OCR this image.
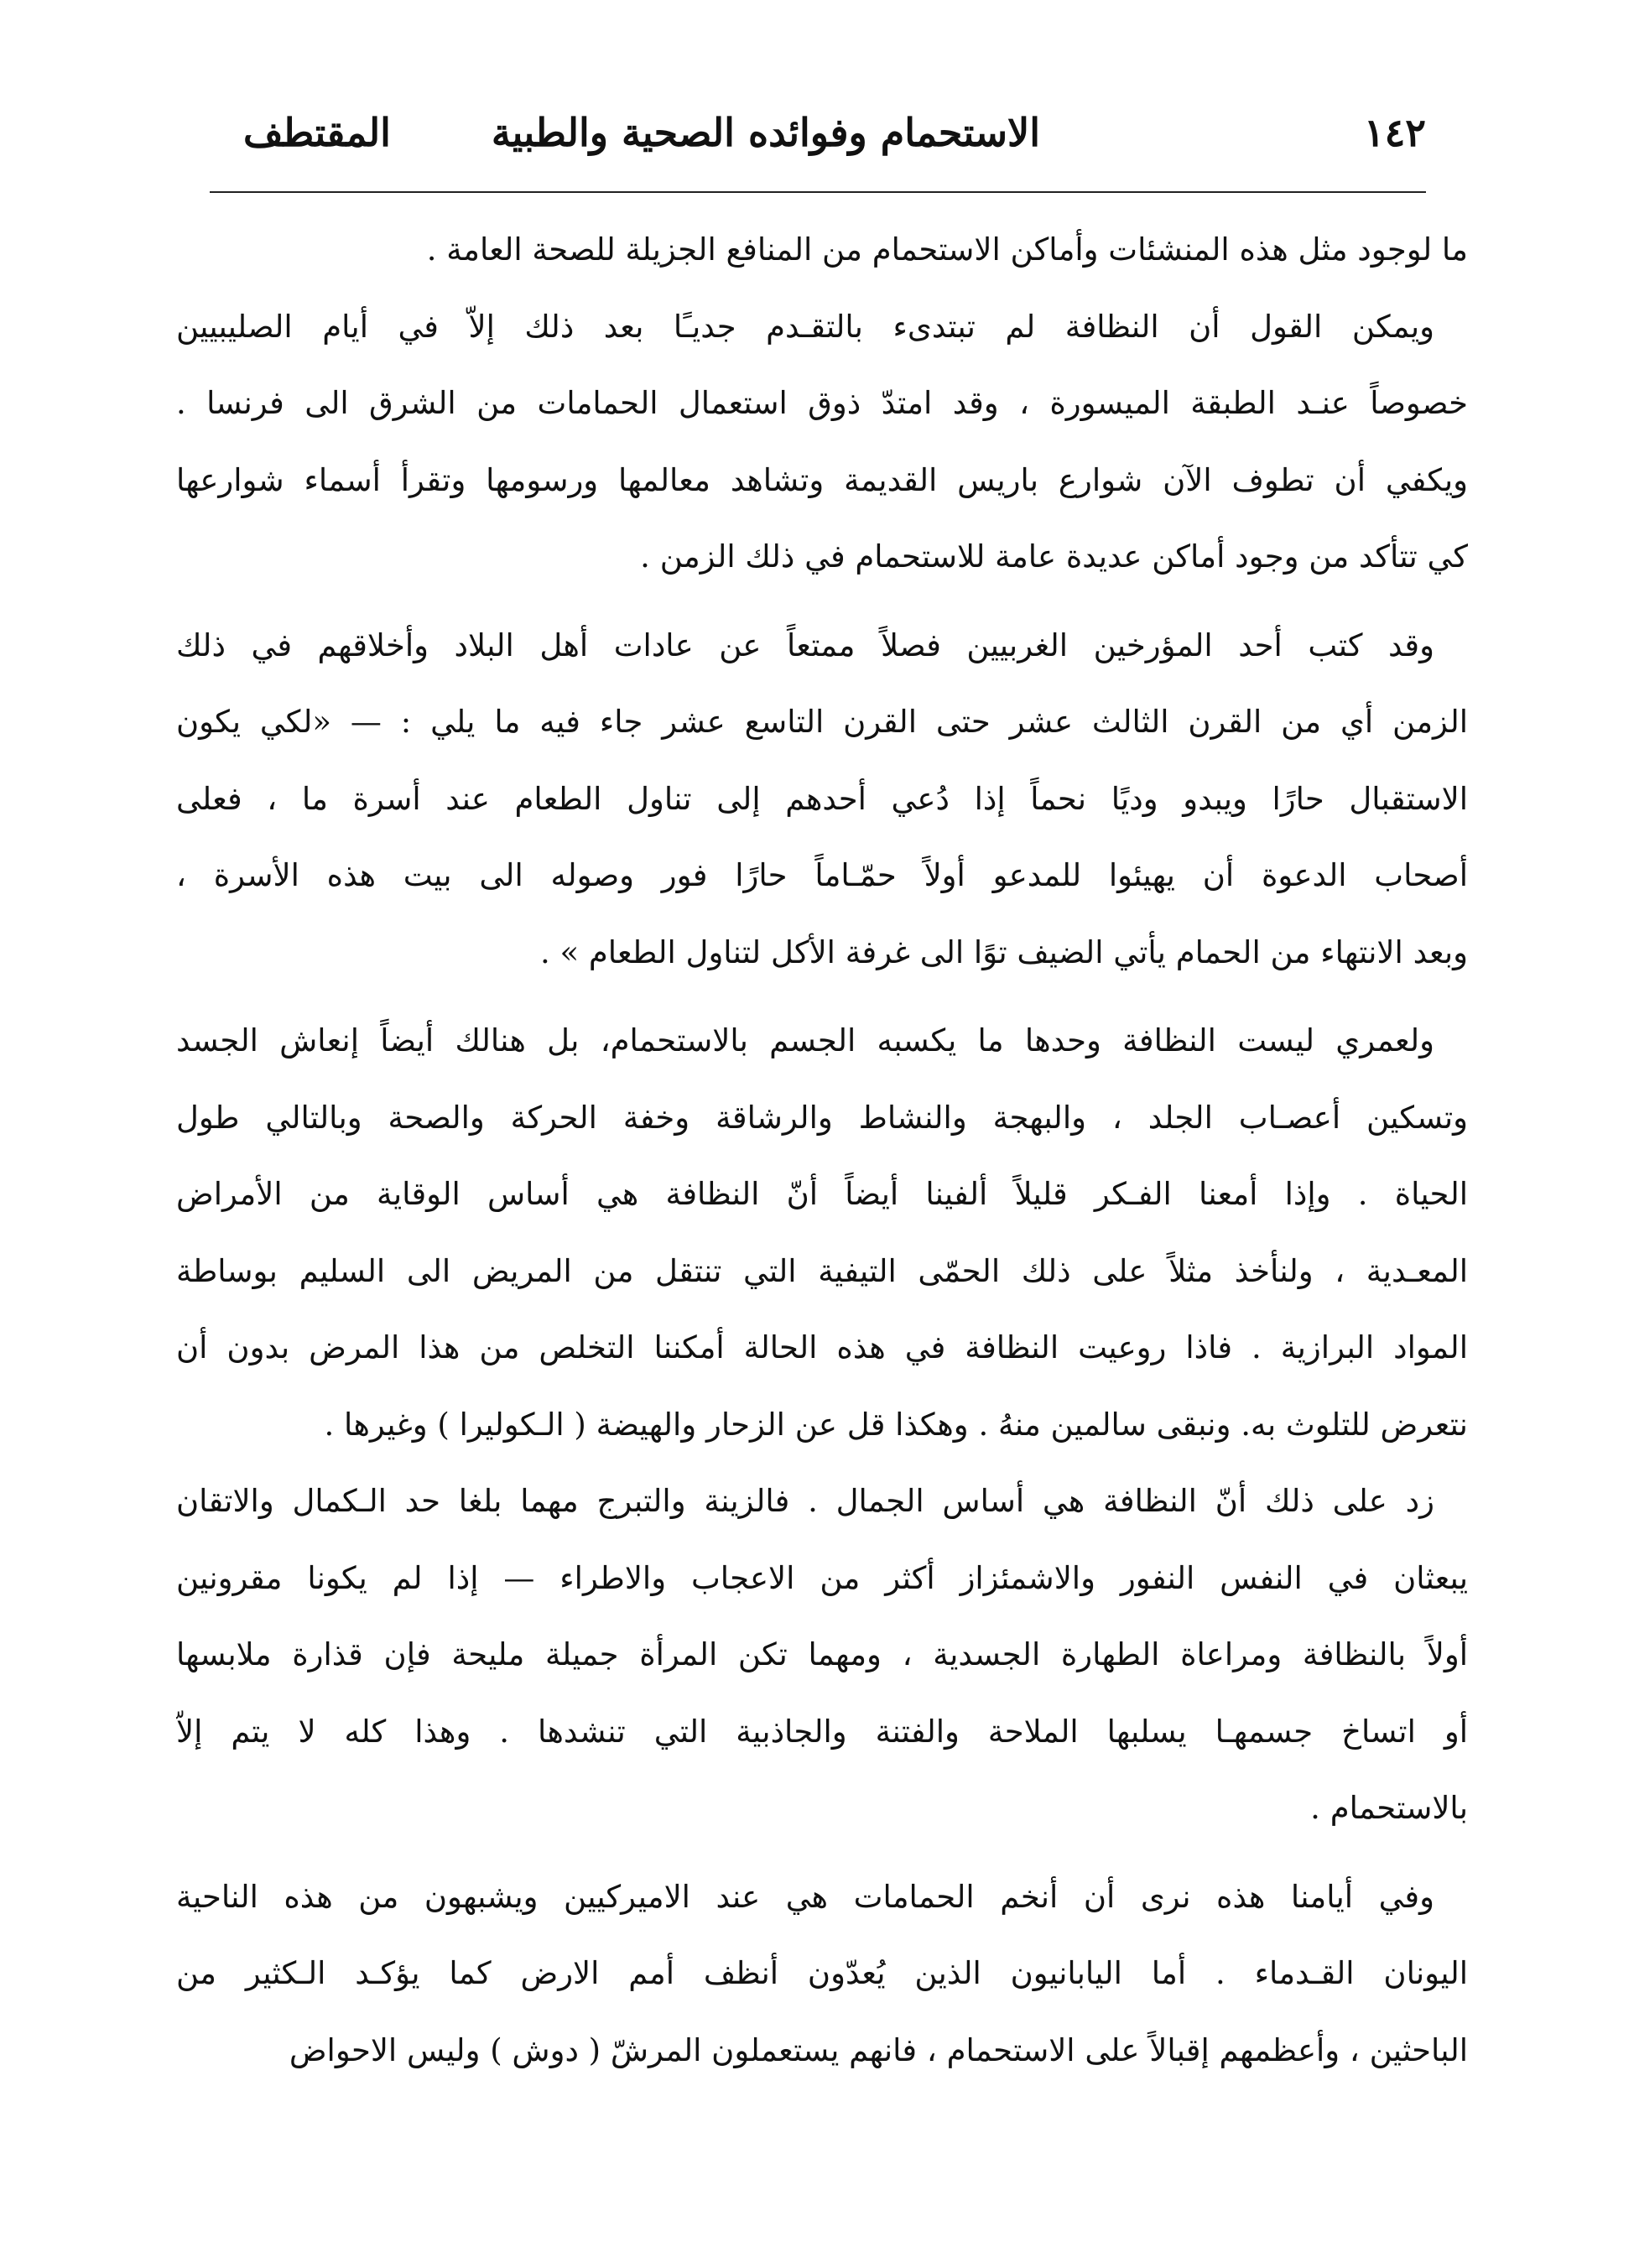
١٤٢
الاستحمام وفوائده الصحية والطبية
المقتطف
ما لوجود مثل هذه المنشئات وأماكن الاستحمام من المنافع الجزيلة للصحة العامة .
ويمكن القول أن النظافة لم تبتدىء بالتقـدم جديـًا بعد ذلك إلاّ في أيام الصليبيين
خصوصاً عنـد الطبقة الميسورة ، وقد امتدّ ذوق استعمال الحمامات من الشرق الى فرنسا .
ويكفي أن تطوف الآن شوارع باريس القديمة وتشاهد معالمها ورسومها وتقرأ أسماء شوارعها
كي تتأكد من وجود أماكن عديدة عامة للاستحمام في ذلك الزمن .
وقد كتب أحد المؤرخين الغربيين فصلاً ممتعاً عن عادات أهل البلاد وأخلاقهم في ذلك
الزمن أي من القرن الثالث عشر حتى القرن التاسع عشر جاء فيه ما يلي : — «لكي يكون
الاستقبال حارًا ويبدو وديًا نحماً إذا دُعي أحدهم إلى تناول الطعام عند أسرة ما ، فعلى
أصحاب الدعوة أن يهيئوا للمدعو أولاً حمّـاماً حارًا فور وصوله الى بيت هذه الأسرة ،
وبعد الانتهاء من الحمام يأتي الضيف توًا الى غرفة الأكل لتناول الطعام » .
ولعمري ليست النظافة وحدها ما يكسبه الجسم بالاستحمام، بل هنالك أيضاً إنعاش الجسد
وتسكين أعصـاب الجلد ، والبهجة والنشاط والرشاقة وخفة الحركة والصحة وبالتالي طول
الحياة . وإذا أمعنا الفـكر قليلاً ألفينا أيضاً أنّ النظافة هي أساس الوقاية من الأمراض
المعـدية ، ولنأخذ مثلاً على ذلك الحمّى التيفية التي تنتقل من المريض الى السليم بوساطة
المواد البرازية . فاذا روعيت النظافة في هذه الحالة أمكننا التخلص من هذا المرض بدون أن
نتعرض للتلوث به. ونبقى سالمين منهُ . وهكذا قل عن الزحار والهيضة ( الـكوليرا ) وغيرها .
زد على ذلك أنّ النظافة هي أساس الجمال . فالزينة والتبرج مهما بلغا حد الـكمال والاتقان
يبعثان في النفس النفور والاشمئزاز أكثر من الاعجاب والاطراء — إذا لم يكونا مقرونين
أولاً بالنظافة ومراعاة الطهارة الجسدية ، ومهما تكن المرأة جميلة مليحة فإن قذارة ملابسها
أو اتساخ جسمهـا يسلبها الملاحة والفتنة والجاذبية التي تنشدها . وهذا كله لا يتم إلاّ
بالاستحمام .
وفي أيامنا هذه نرى أن أنخم الحمامات هي عند الاميركيين ويشبهون من هذه الناحية
اليونان القـدماء . أما اليابانيون الذين يُعدّون أنظف أمم الارض كما يؤكـد الـكثير من
الباحثين ، وأعظمهم إقبالاً على الاستحمام ، فانهم يستعملون المرشّ ( دوش ) وليس الاحواض
